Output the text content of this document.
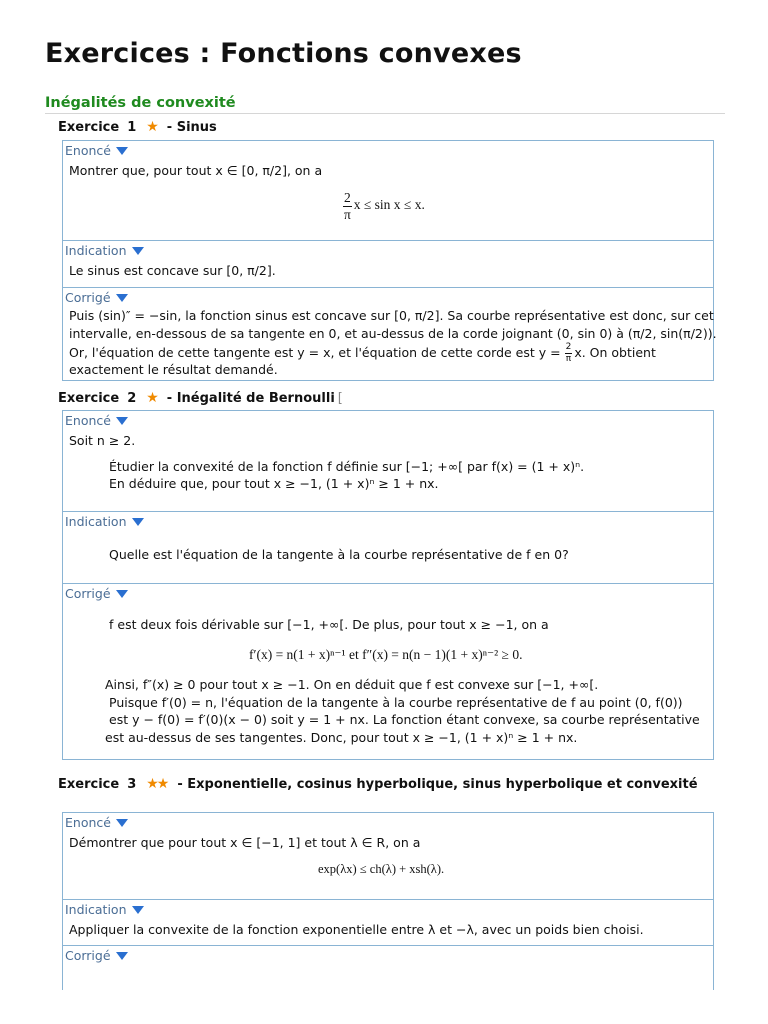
Exercices : Fonctions convexes
Inégalités de convexité
Exercice 1 ★ - Sinus
Enoncé
Montrer que, pour tout x ∈ [0, π/2], on a
$\frac{2}{\pi}$ x ≤ sin x ≤ x.
Indication
Le sinus est concave sur [0, π/2].
Corrigé
Puis (sin)″ = −sin, la fonction sinus est concave sur [0, π/2]. Sa courbe représentative est donc, sur cet
intervalle, en-dessous de sa tangente en 0, et au-dessus de la corde joignant (0, sin 0) à (π/2, sin(π/2)).
Or, l'équation de cette tangente est y = x, et l'équation de cette corde est $y = \frac{2}{\pi} x$. On obtient
exactement le résultat demandé.
Exercice 2 ★ - Inégalité de Bernoulli [
Enoncé
Soit n ≥ 2.
Étudier la convexité de la fonction f définie sur [−1; +∞[ par f(x) = (1 + x)ⁿ.
En déduire que, pour tout x ≥ −1, (1 + x)ⁿ ≥ 1 + nx.
Indication
Quelle est l'équation de la tangente à la courbe représentative de f en 0?
Corrigé
f est deux fois dérivable sur [−1, +∞[. De plus, pour tout x ≥ −1, on a
f′(x) = n(1 + x)ⁿ⁻¹ et f″(x) = n(n − 1)(1 + x)ⁿ⁻² ≥ 0.
Ainsi, f″(x) ≥ 0 pour tout x ≥ −1. On en déduit que f est convexe sur [−1, +∞[.
Puisque f′(0) = n, l'équation de la tangente à la courbe représentative de f au point (0, f(0))
est y − f(0) = f′(0)(x − 0) soit y = 1 + nx. La fonction étant convexe, sa courbe représentative
est au-dessus de ses tangentes. Donc, pour tout x ≥ −1, (1 + x)ⁿ ≥ 1 + nx.
Exercice 3 ★★ - Exponentielle, cosinus hyperbolique, sinus hyperbolique et convexité
Enoncé
Démontrer que pour tout x ∈ [−1, 1] et tout λ ∈ R, on a
exp(λx) ≤ ch(λ) + xsh(λ).
Indication
Appliquer la convexite de la fonction exponentielle entre λ et −λ, avec un poids bien choisi.
Corrigé
